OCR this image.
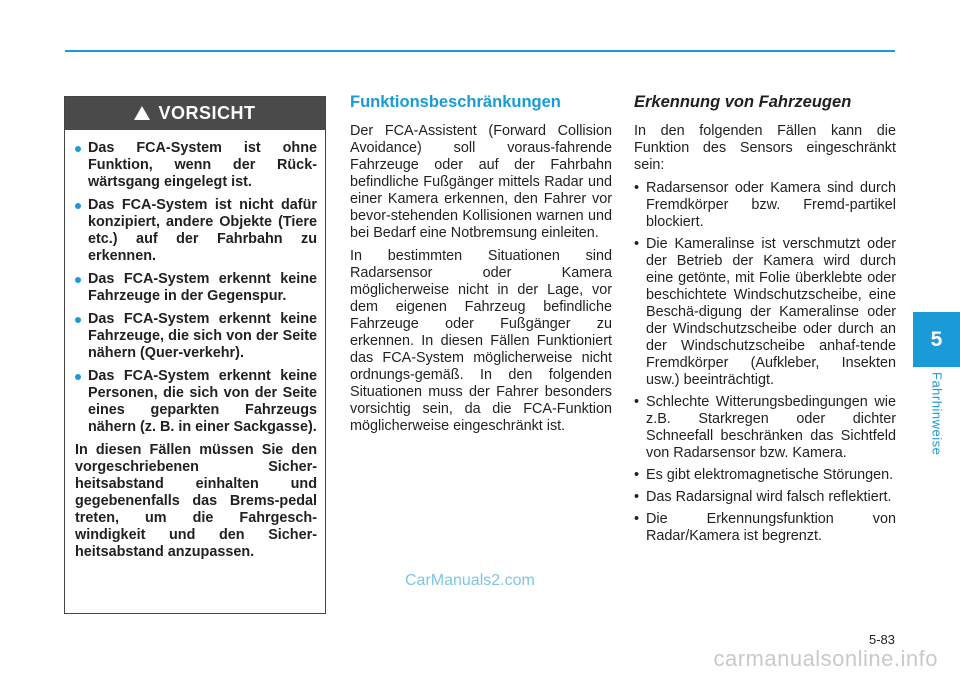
5
Fahrhinweise
VORSICHT
Das FCA-System ist ohne Funktion, wenn der Rück-wärtsgang eingelegt ist.
Das FCA-System ist nicht dafür konzipiert, andere Objekte (Tiere etc.) auf der Fahrbahn zu erkennen.
Das FCA-System erkennt keine Fahrzeuge in der Gegenspur.
Das FCA-System erkennt keine Fahrzeuge, die sich von der Seite nähern (Quer-verkehr).
Das FCA-System erkennt keine Personen, die sich von der Seite eines geparkten Fahrzeugs nähern (z. B. in einer Sackgasse).

In diesen Fällen müssen Sie den vorgeschriebenen Sicher-heitsabstand einhalten und gegebenenfalls das Brems-pedal treten, um die Fahrgesch-windigkeit und den Sicher-heitsabstand anzupassen.

Funktionsbeschränkungen

Der FCA-Assistent (Forward Collision Avoidance) soll voraus-fahrende Fahrzeuge oder auf der Fahrbahn befindliche Fußgänger mittels Radar und einer Kamera erkennen, den Fahrer vor bevor-stehenden Kollisionen warnen und bei Bedarf eine Notbremsung einleiten.

In bestimmten Situationen sind Radarsensor oder Kamera möglicherweise nicht in der Lage, vor dem eigenen Fahrzeug befindliche Fahrzeuge oder Fußgänger zu erkennen. In diesen Fällen Funktioniert das FCA-System möglicherweise nicht ordnungs-gemäß. In den folgenden Situationen muss der Fahrer besonders vorsichtig sein, da die FCA-Funktion möglicherweise eingeschränkt ist.

Erkennung von Fahrzeugen

In den folgenden Fällen kann die Funktion des Sensors eingeschränkt sein:

• Radarsensor oder Kamera sind durch Fremdkörper bzw. Fremd-partikel blockiert.
• Die Kameralinse ist verschmutzt oder der Betrieb der Kamera wird durch eine getönte, mit Folie überklebte oder beschichtete Windschutzscheibe, eine Beschä-digung der Kameralinse oder der Windschutzscheibe oder durch an der Windschutzscheibe anhaf-tende Fremdkörper (Aufkleber, Insekten usw.) beeinträchtigt.
• Schlechte Witterungsbedingungen wie z.B. Starkregen oder dichter Schneefall beschränken das Sichtfeld von Radarsensor bzw. Kamera.
• Es gibt elektromagnetische Störungen.
• Das Radarsignal wird falsch reflektiert.
• Die Erkennungsfunktion von Radar/Kamera ist begrenzt.
CarManuals2.com
5-83
carmanualsonline.info
